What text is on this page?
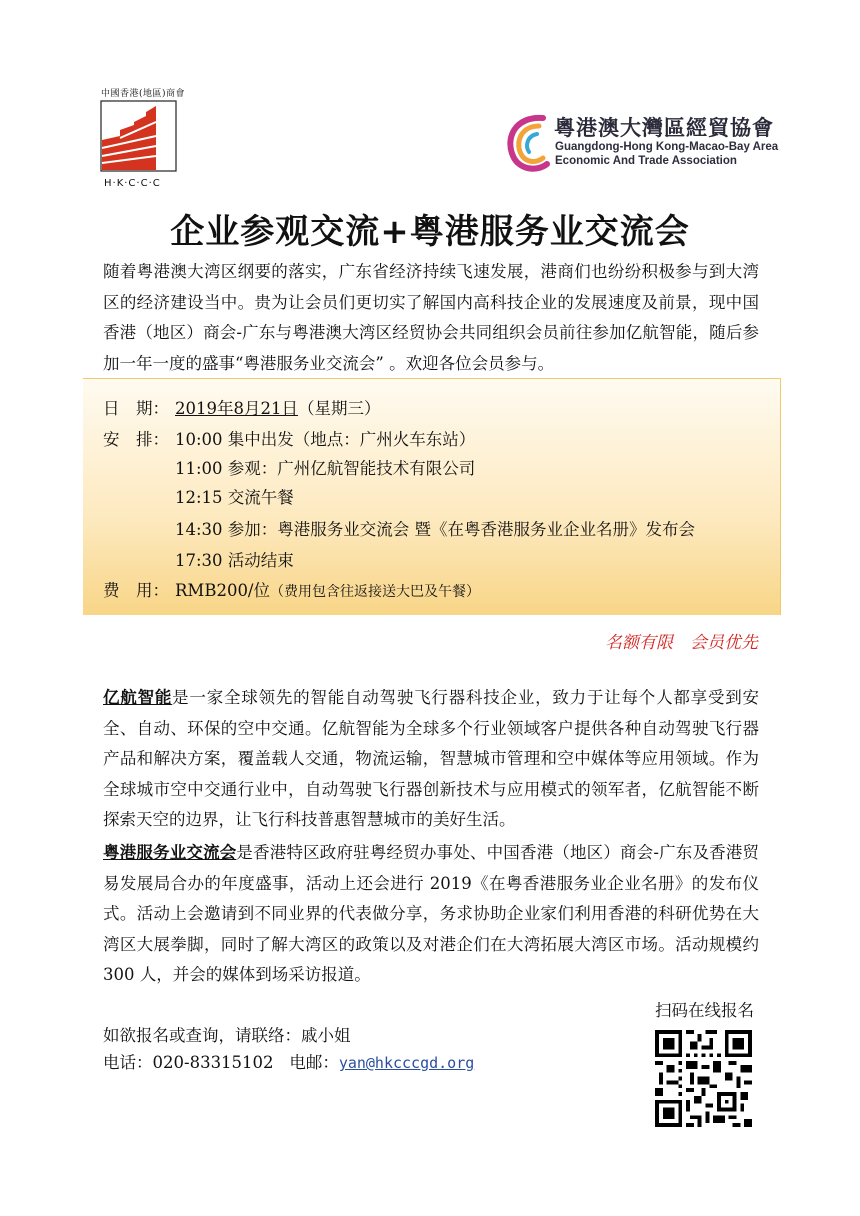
中國香港(地區)商會
H·K·C·C·C
粵港澳大灣區經貿協會
Guangdong-Hong Kong-Macao-Bay Area
Economic And Trade Association
企业参观交流+粤港服务业交流会

随着粤港澳大湾区纲要的落实，广东省经济持续飞速发展，港商们也纷纷积极参与到大湾区的经济建设当中。贵为让会员们更切实了解国内高科技企业的发展速度及前景，现中国香港（地区）商会-广东与粤港澳大湾区经贸协会共同组织会员前往参加亿航智能，随后参加一年一度的盛事“粤港服务业交流会” 。欢迎各位会员参与。

日　期： 2019年8月21日（星期三）
安　排： 10:00 集中出发（地点：广州火车东站）
11:00 参观：广州亿航智能技术有限公司
12:15 交流午餐
14:30 参加：粤港服务业交流会 暨《在粤香港服务业企业名册》发布会
17:30 活动结束
费　用： RMB200/位（费用包含往返接送大巴及午餐）
名额有限　会员优先

亿航智能是一家全球领先的智能自动驾驶飞行器科技企业，致力于让每个人都享受到安全、自动、环保的空中交通。亿航智能为全球多个行业领域客户提供各种自动驾驶飞行器产品和解决方案，覆盖载人交通，物流运输，智慧城市管理和空中媒体等应用领域。作为全球城市空中交通行业中，自动驾驶飞行器创新技术与应用模式的领军者，亿航智能不断探索天空的边界，让飞行科技普惠智慧城市的美好生活。

粤港服务业交流会是香港特区政府驻粤经贸办事处、中国香港（地区）商会-广东及香港贸易发展局合办的年度盛事，活动上还会进行 2019《在粤香港服务业企业名册》的发布仪式。活动上会邀请到不同业界的代表做分享，务求协助企业家们利用香港的科研优势在大湾区大展拳脚，同时了解大湾区的政策以及对港企们在大湾拓展大湾区市场。活动规模约 300 人，并会的媒体到场采访报道。

扫码在线报名
如欲报名或查询，请联络：戚小姐
电话：020-83315102 电邮：yan@hkcccgd.org
